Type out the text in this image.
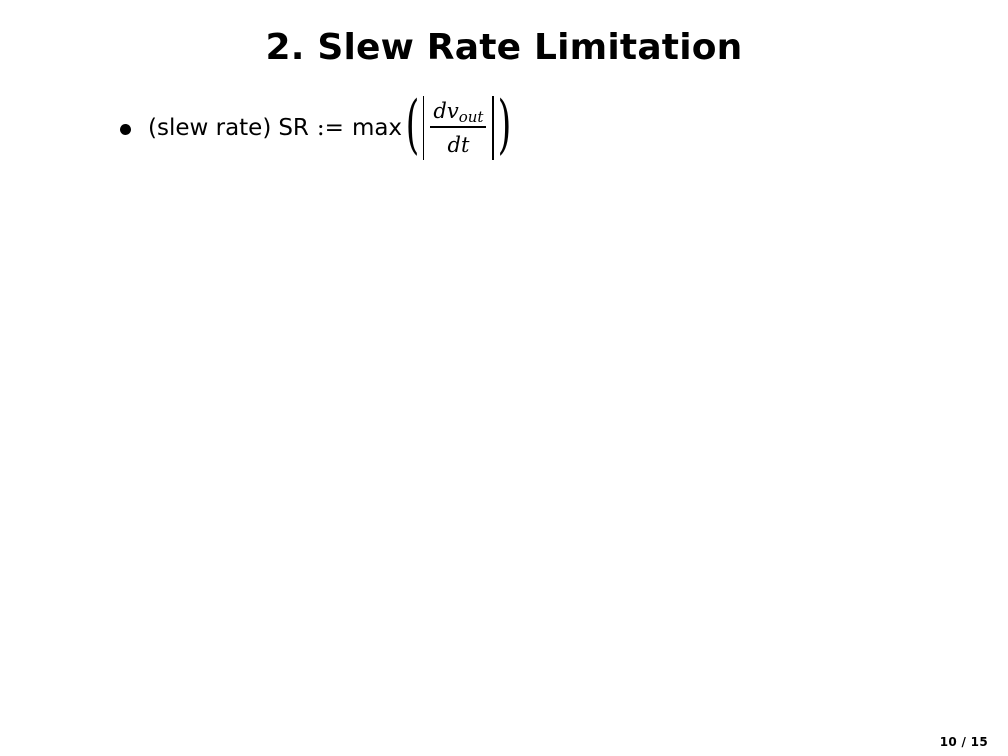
2. Slew Rate Limitation
(slew rate) SR := max ( $\frac{dv_{out}}{dt}$ )
10 / 15
